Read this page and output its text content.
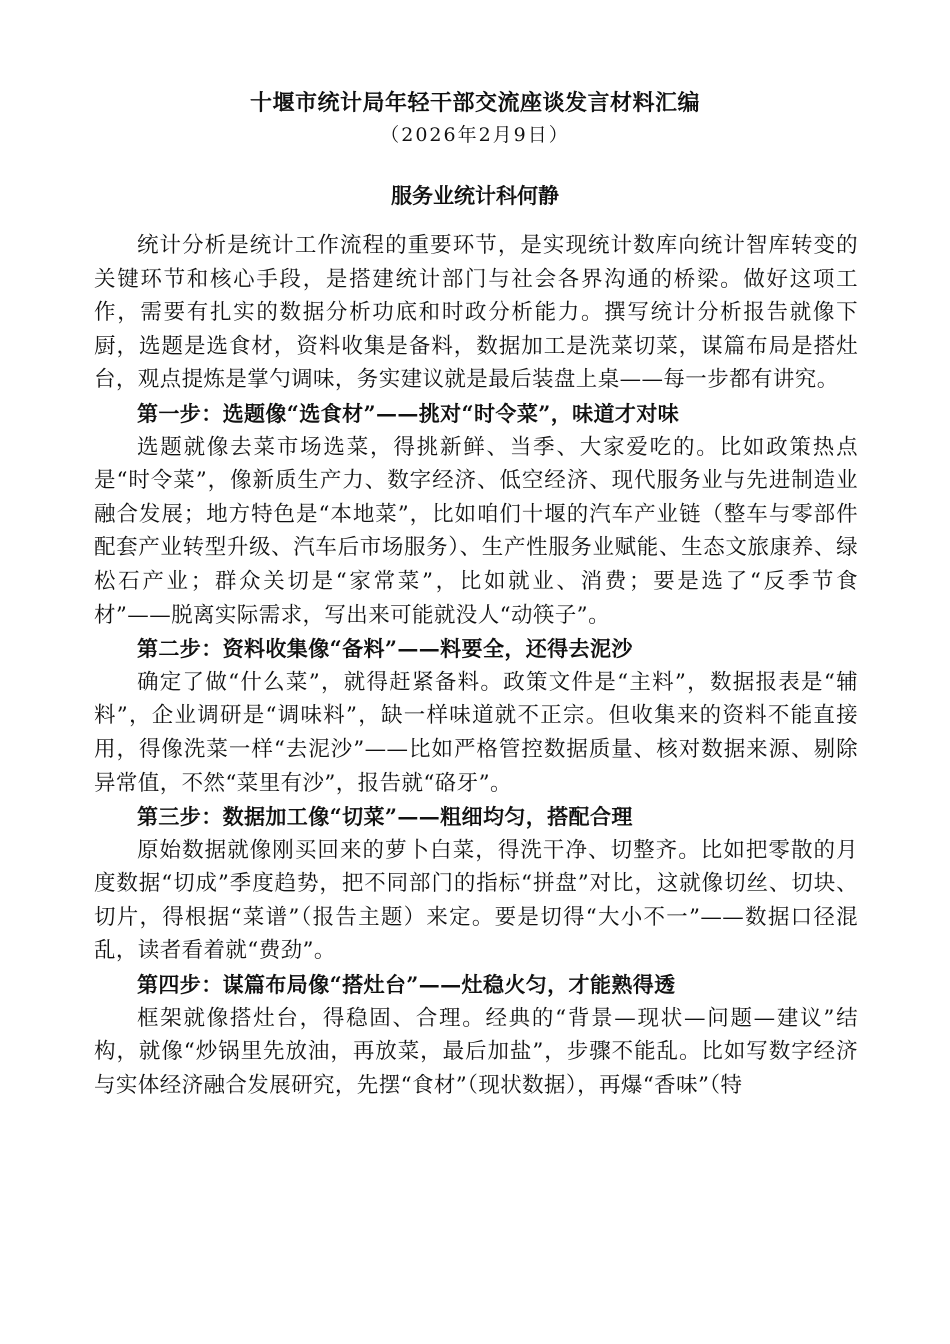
十堰市统计局年轻干部交流座谈发言材料汇编
（2026年2月9日）
服务业统计科何静

统计分析是统计工作流程的重要环节，是实现统计数库向统计智库转变的关键环节和核心手段，是搭建统计部门与社会各界沟通的桥梁。做好这项工作，需要有扎实的数据分析功底和时政分析能力。撰写统计分析报告就像下厨，选题是选食材，资料收集是备料，数据加工是洗菜切菜，谋篇布局是搭灶台，观点提炼是掌勺调味，务实建议就是最后装盘上桌——每一步都有讲究。

第一步：选题像“选食材”——挑对“时令菜”，味道才对味

选题就像去菜市场选菜，得挑新鲜、当季、大家爱吃的。比如政策热点是“时令菜”，像新质生产力、数字经济、低空经济、现代服务业与先进制造业融合发展；地方特色是“本地菜”，比如咱们十堰的汽车产业链（整车与零部件配套产业转型升级、汽车后市场服务）、生产性服务业赋能、生态文旅康养、绿松石产业；群众关切是“家常菜”，比如就业、消费；要是选了“反季节食材”——脱离实际需求，写出来可能就没人“动筷子”。

第二步：资料收集像“备料”——料要全，还得去泥沙

确定了做“什么菜”，就得赶紧备料。政策文件是“主料”，数据报表是“辅料”，企业调研是“调味料”，缺一样味道就不正宗。但收集来的资料不能直接用，得像洗菜一样“去泥沙”——比如严格管控数据质量、核对数据来源、剔除异常值，不然“菜里有沙”，报告就“硌牙”。

第三步：数据加工像“切菜”——粗细均匀，搭配合理

原始数据就像刚买回来的萝卜白菜，得洗干净、切整齐。比如把零散的月度数据“切成”季度趋势，把不同部门的指标“拼盘”对比，这就像切丝、切块、切片，得根据“菜谱”（报告主题）来定。要是切得“大小不一”——数据口径混乱，读者看着就“费劲”。

第四步：谋篇布局像“搭灶台”——灶稳火匀，才能熟得透

框架就像搭灶台，得稳固、合理。经典的“背景—现状—问题—建议”结构，就像“炒锅里先放油，再放菜，最后加盐”，步骤不能乱。比如写数字经济与实体经济融合发展研究，先摆“食材”（现状数据），再爆“香味”（特
